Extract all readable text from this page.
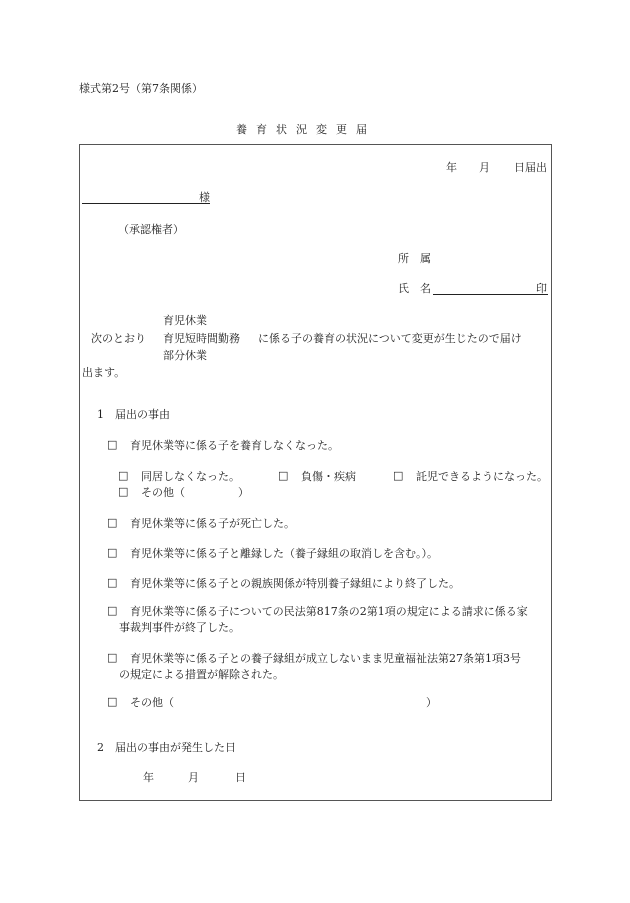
様式第2号（第7条関係）
養育状況変更届
年 月 日届出
様
（承認権者）
所　属
氏　名	印
育児休業
次のとおり 育児短時間勤務 に係る子の養育の状況について変更が生じたので届け
部分休業
出ます。
1　届出の事由
□ 育児休業等に係る子を養育しなくなった。
□ 同居しなくなった。	□ 負傷・疾病	□ 託児できるようになった。
□ その他（	）
□ 育児休業等に係る子が死亡した。
□ 育児休業等に係る子と離縁した（養子縁組の取消しを含む。）。
□ 育児休業等に係る子との親族関係が特別養子縁組により終了した。
□ 育児休業等に係る子についての民法第817条の2第1項の規定による請求に係る家
事裁判事件が終了した。
□ 育児休業等に係る子との養子縁組が成立しないまま児童福祉法第27条第1項3号
の規定による措置が解除された。
□ その他（	）
2　届出の事由が発生した日
年	月	日
